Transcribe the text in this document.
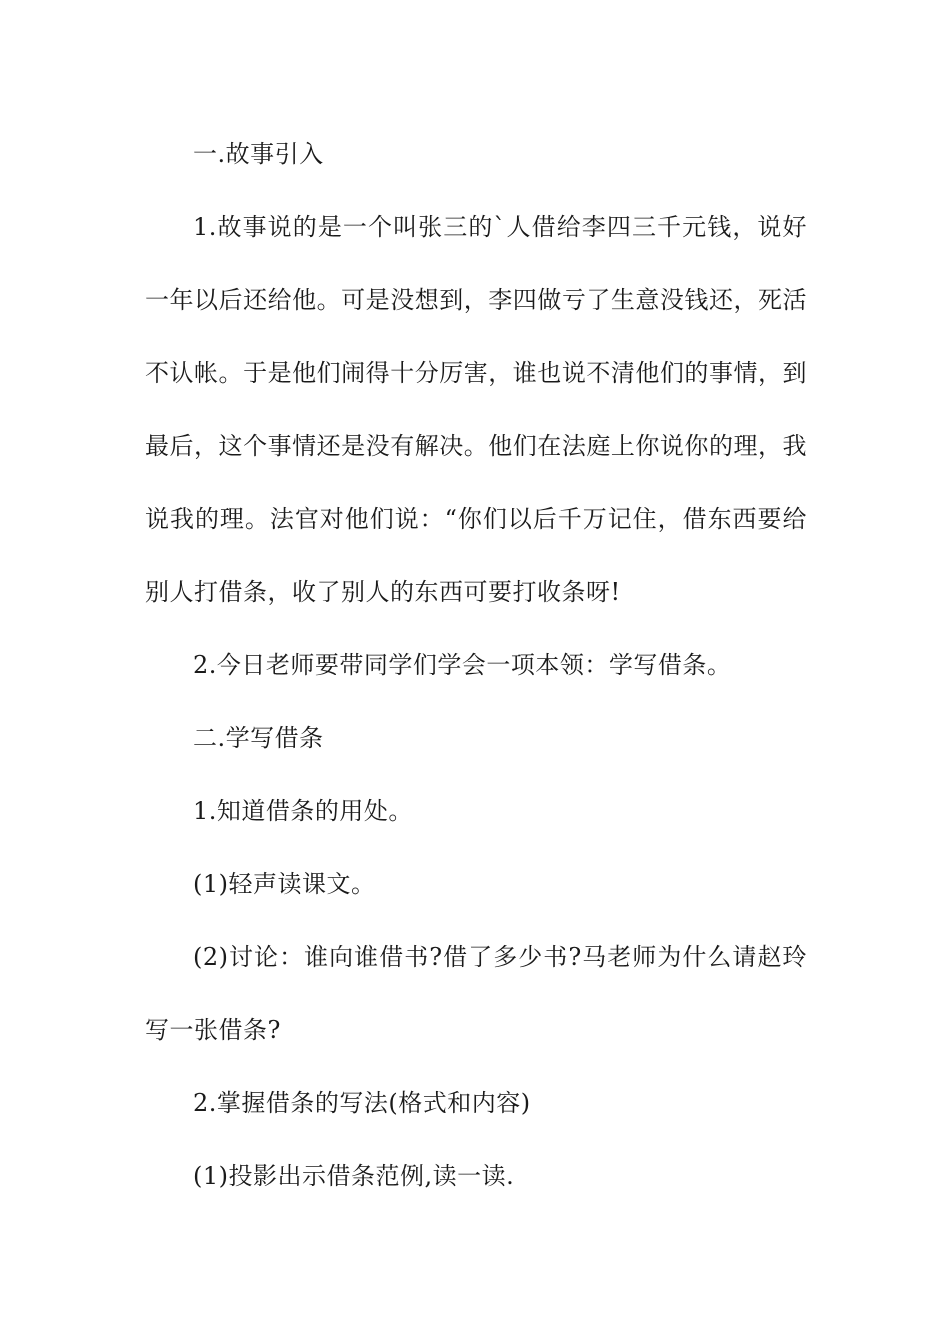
一.故事引入

1.故事说的是一个叫张三的`人借给李四三千元钱，说好一年以后还给他。可是没想到，李四做亏了生意没钱还，死活不认帐。于是他们闹得十分厉害，谁也说不清他们的事情，到最后，这个事情还是没有解决。他们在法庭上你说你的理，我说我的理。法官对他们说：“你们以后千万记住，借东西要给别人打借条，收了别人的东西可要打收条呀!

2.今日老师要带同学们学会一项本领：学写借条。

二.学写借条

1.知道借条的用处。

(1)轻声读课文。

(2)讨论：谁向谁借书?借了多少书?马老师为什么请赵玲写一张借条?

2.掌握借条的写法(格式和内容)

(1)投影出示借条范例,读一读.
